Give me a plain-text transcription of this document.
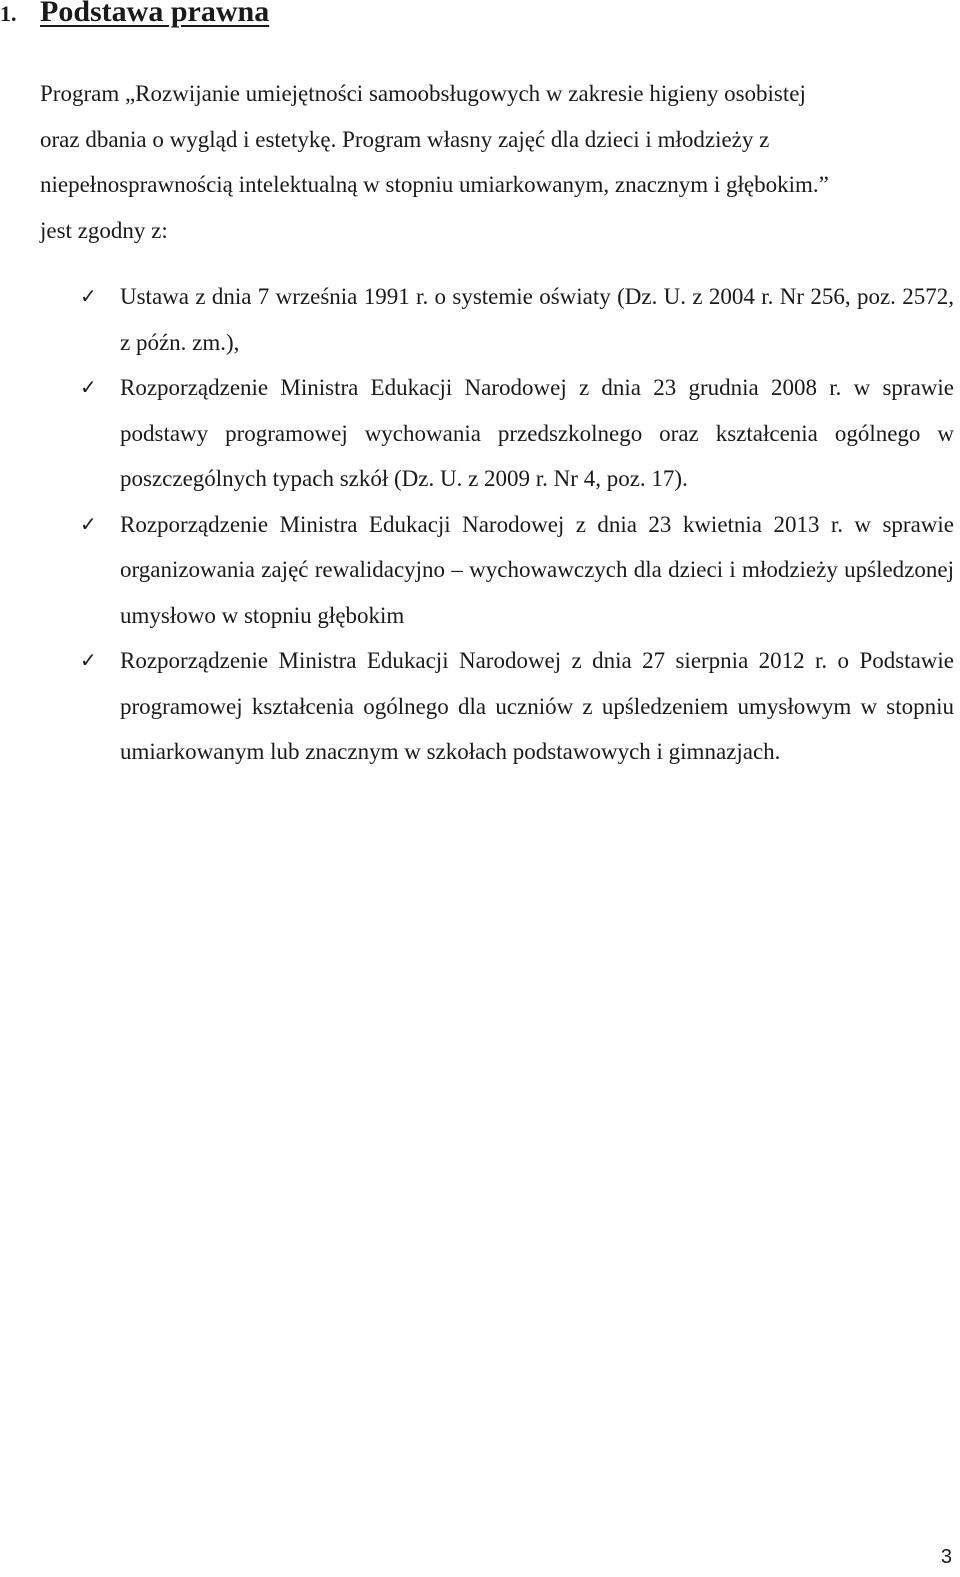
1. Podstawa prawna

Program „Rozwijanie umiejętności samoobsługowych w zakresie higieny osobistej
oraz dbania o wygląd i estetykę. Program własny zajęć dla dzieci i młodzieży z
niepełnosprawnością intelektualną w stopniu umiarkowanym, znacznym i głębokim.”
jest zgodny z:

✓ Ustawa z dnia 7 września 1991 r. o systemie oświaty (Dz. U. z 2004 r. Nr 256, poz. 2572, z późn. zm.),
✓ Rozporządzenie Ministra Edukacji Narodowej z dnia 23 grudnia 2008 r. w sprawie podstawy programowej wychowania przedszkolnego oraz kształcenia ogólnego w poszczególnych typach szkół (Dz. U. z 2009 r. Nr 4, poz. 17).
✓ Rozporządzenie Ministra Edukacji Narodowej z dnia 23 kwietnia 2013 r. w sprawie organizowania zajęć rewalidacyjno – wychowawczych dla dzieci i młodzieży upśledzonej umysłowo w stopniu głębokim
✓ Rozporządzenie Ministra Edukacji Narodowej z dnia 27 sierpnia 2012 r. o Podstawie programowej kształcenia ogólnego dla uczniów z upśledzeniem umysłowym w stopniu umiarkowanym lub znacznym w szkołach podstawowych i gimnazjach.
3
